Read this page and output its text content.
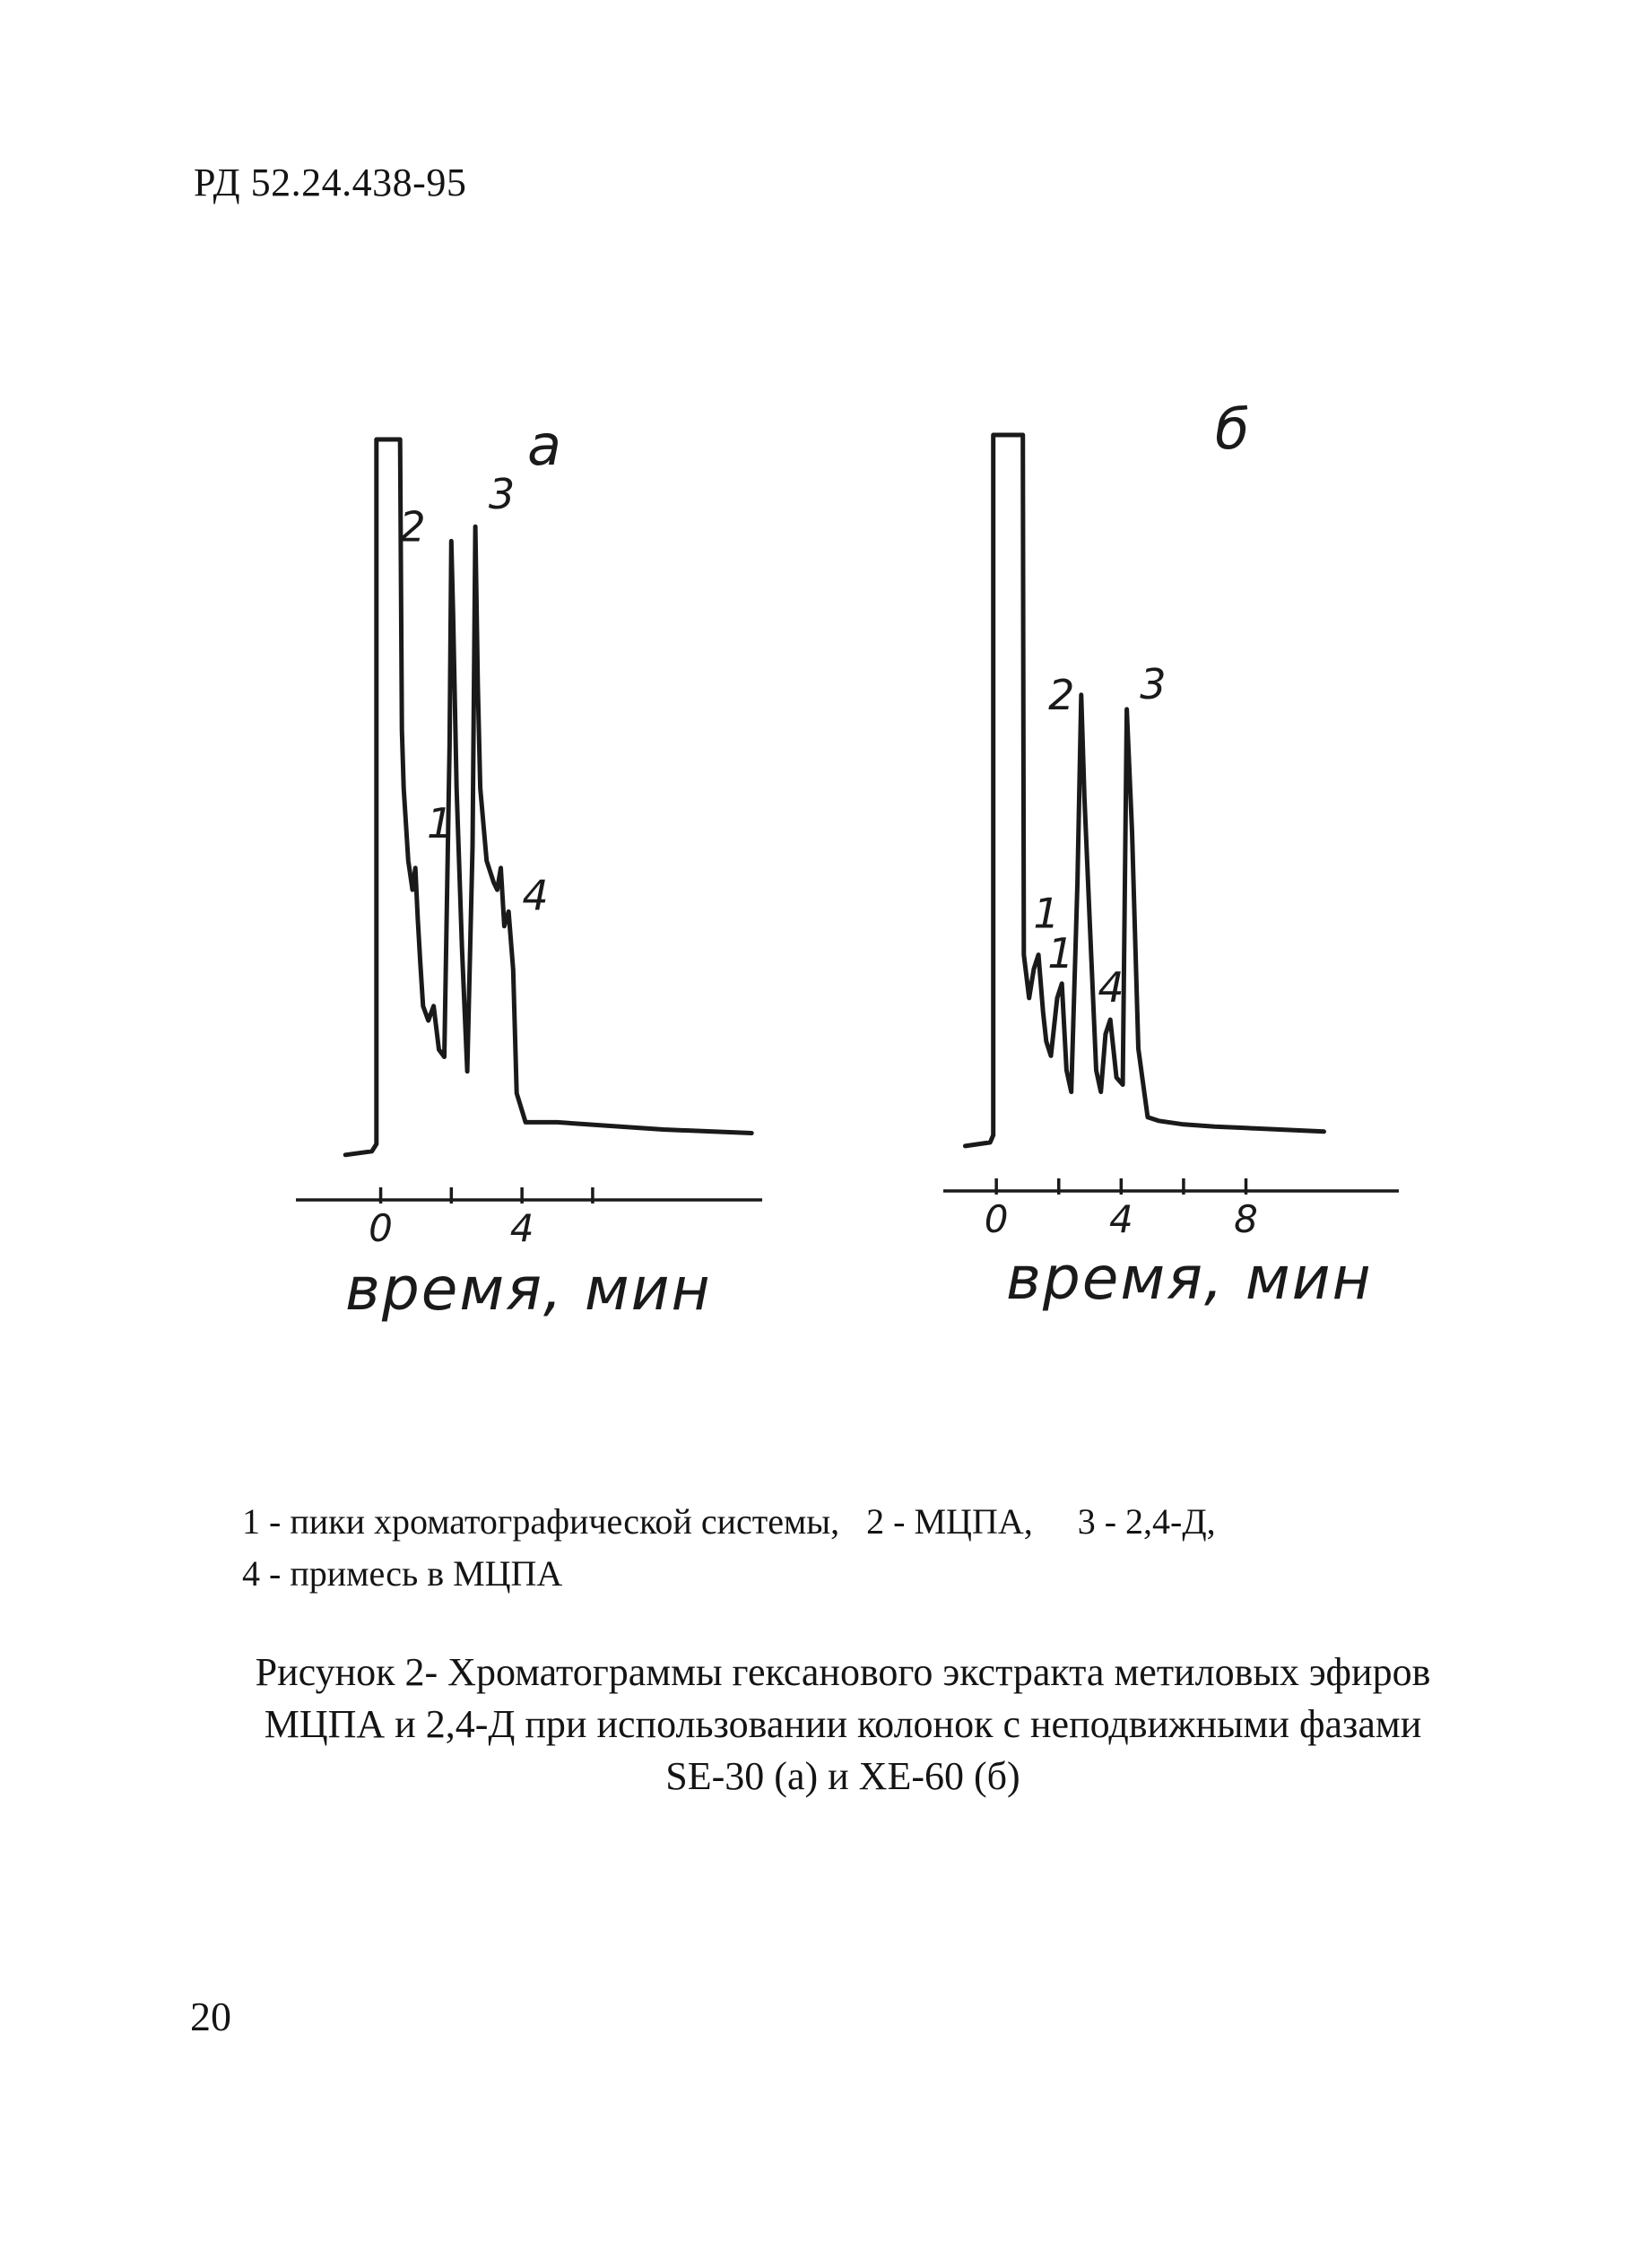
РД 52.24.438-95
а
0	4
1
2
3
4
время, мин
б
0	4	8
1
1
2
4
3
время, мин
1 - пики хроматографической системы,   2 - МЦПА,     3 - 2,4-Д,
4 - примесь в МЦПА
Рисунок 2- Хроматограммы гексанового экстракта метиловых эфиров
МЦПА и 2,4-Д при использовании колонок с неподвижными фазами
SE-30 (а) и XE-60 (б)
20
